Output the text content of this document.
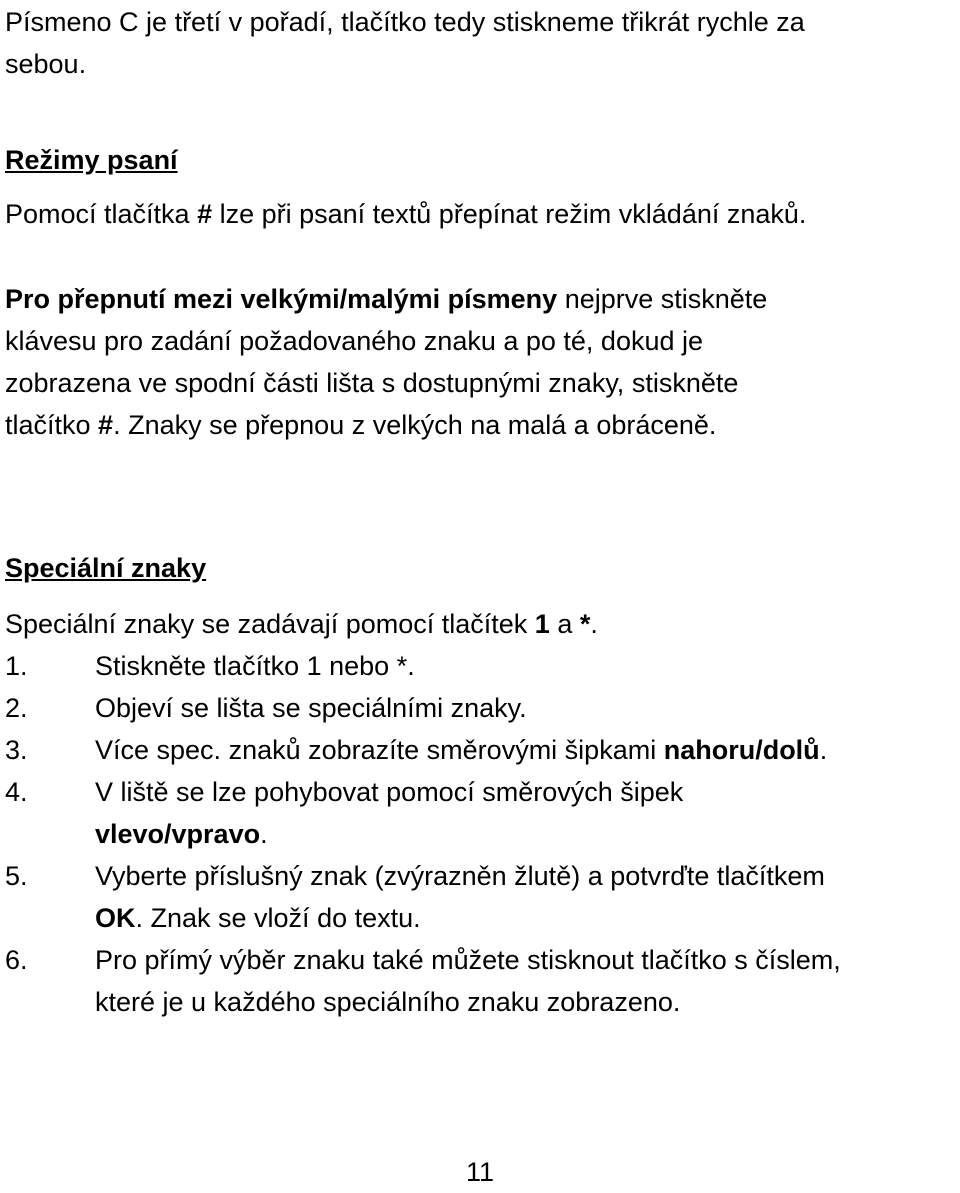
Písmeno C je třetí v pořadí, tlačítko tedy stiskneme třikrát rychle za
sebou.
Režimy psaní
Pomocí tlačítka # lze při psaní textů přepínat režim vkládání znaků.
Pro přepnutí mezi velkými/malými písmeny nejprve stiskněte
klávesu pro zadání požadovaného znaku a po té, dokud je
zobrazena ve spodní části lišta s dostupnými znaky, stiskněte
tlačítko #. Znaky se přepnou z velkých na malá a obráceně.
Speciální znaky
Speciální znaky se zadávají pomocí tlačítek 1 a *.
1.	Stiskněte tlačítko 1 nebo *.
2.	Objeví se lišta se speciálními znaky.
3.	Více spec. znaků zobrazíte směrovými šipkami nahoru/dolů.
4.	V liště se lze pohybovat pomocí směrových šipek
vlevo/vpravo.
5.	Vyberte příslušný znak (zvýrazněn žlutě) a potvrďte tlačítkem
OK. Znak se vloží do textu.
6.	Pro přímý výběr znaku také můžete stisknout tlačítko s číslem,
které je u každého speciálního znaku zobrazeno.
11
